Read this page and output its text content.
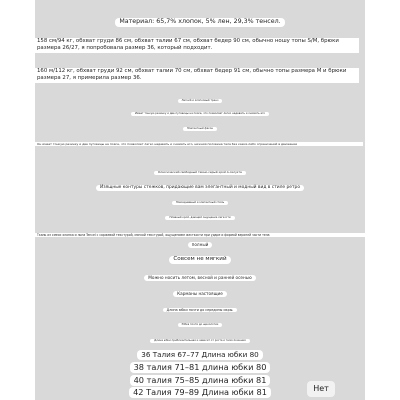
Материал: 65,7% хлопок, 5% лен, 29,3% тенсел.
158 см/94 кг, обхват груди 86 см, обхват талии 67 см, обхват бедер 90 см, обычно ношу топы S/M, брюки размера 26/27, я попробовала размер 36, который подходит.
160 м/112 кг, обхват груди 92 см, обхват талии 70 см, обхват бедер 91 см, обычно топы размера M и брюки размера 27, я примерила размер 36.
Легкий и хлопковый тренч
Имеет тонкую резинку и две пуговицы на поясе, что позволяет легко надевать и снимать его
Элегантный фасон
Он имеет тонкую резинку и две пуговицы на поясе, что позволяет легко надевать и снимать его, нижняя половина тела без каких-либо ограничений в движении
Классический свободный темно-серый крой А-силуэта
Изящные контуры стежков, придающие вам элегантный и модный вид в стиле ретро
Повседневный и элегантный стиль
Плавный крой, дающий ощущение легкости
Ткань из смеси хлопка и льна Tencel с саржевой текстурой, мягкой текстурой, ощущением жесткости при ударе и формой верхней части тела
полный
Совсем не мягкий
Можно носить летом, весной и ранней осенью
Карманы настоящие
Длина юбки почти до середины икры.
Юбка почти до щиколотки
Длина юбки приблизительная и зависит от роста и телосложения
36 Талия 67–77 Длина юбки 80
38 талия 71–81 длина юбки 80
40 талия 75–85 длина юбки 81
42 Талия 79–89 Длина юбки 81	Нет
